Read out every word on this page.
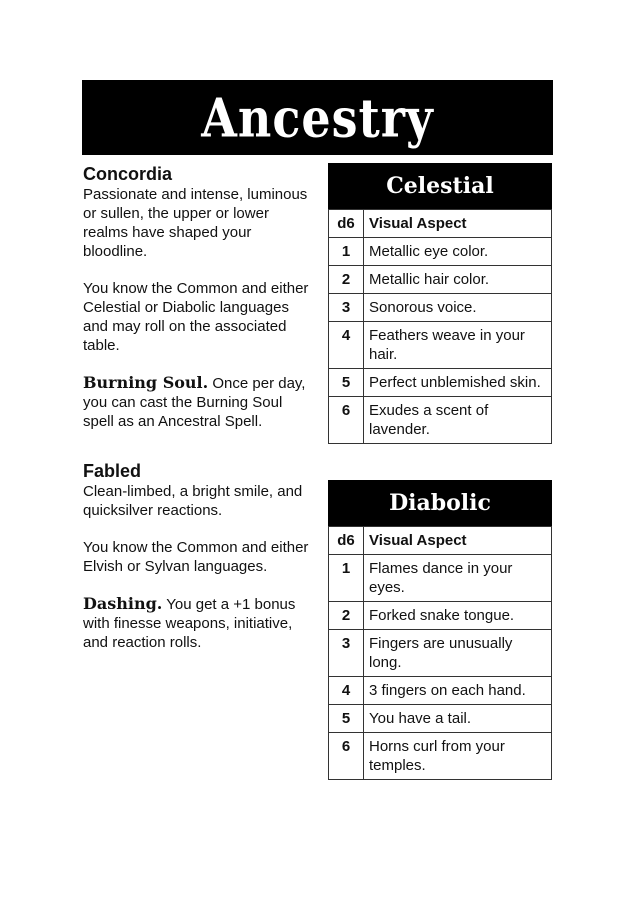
Ancestry
Concordia

Passionate and intense, luminous or sullen, the upper or lower realms have shaped your bloodline.

You know the Common and either Celestial or Diabolic languages and may roll on the associated table.

Burning Soul. Once per day, you can cast the Burning Soul spell as an Ancestral Spell.

Fabled

Clean-limbed, a bright smile, and quicksilver reactions.

You know the Common and either Elvish or Sylvan languages.

Dashing. You get a +1 bonus with finesse weapons, initiative, and reaction rolls.

Celestial
d6	Visual Aspect
1	Metallic eye color.
2	Metallic hair color.
3	Sonorous voice.
4	Feathers weave in your hair.
5	Perfect unblemished skin.
6	Exudes a scent of lavender.
Diabolic
d6	Visual Aspect
1	Flames dance in your eyes.
2	Forked snake tongue.
3	Fingers are unusually long.
4	3 fingers on each hand.
5	You have a tail.
6	Horns curl from your temples.
